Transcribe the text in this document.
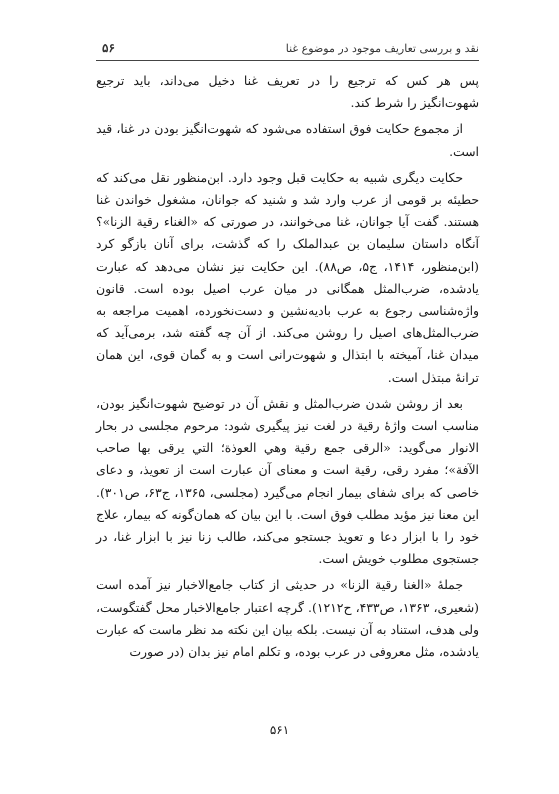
نقد و بررسی تعاریف موجود در موضوع غنا
۵۶

پس هر کس که ترجیع را در تعریف غنا دخیل می‌داند، باید ترجیع شهوت‌انگیز را شرط کند.

از مجموع حکایت فوق استفاده می‌شود که شهوت‌انگیز بودن در غنا، قید است.

حکایت دیگری شبیه به حکایت قبل وجود دارد. ابن‌منظور نقل می‌کند که حطیئه بر قومی از عرب وارد شد و شنید که جوانان، مشغول خواندن غنا هستند. گفت آیا جوانان، غنا می‌خوانند، در صورتی که «الغناء رقیة الزنا»؟ آنگاه داستان سلیمان بن عبدالملک را که گذشت، برای آنان بازگو کرد (ابن‌منظور، ۱۴۱۴، ج۵، ص۸۸). این حکایت نیز نشان می‌دهد که عبارت یادشده، ضرب‌المثل همگانی در میان عرب اصیل بوده است. قانون واژه‌شناسی رجوع به عرب بادیه‌نشین و دست‌نخورده، اهمیت مراجعه به ضرب‌المثل‌های اصیل را روشن می‌کند. از آن چه گفته شد، برمی‌آید که میدان غنا، آمیخته با ابتذال و شهوت‌رانی است و به گمان قوی، این همان ترانهٔ مبتذل است.

بعد از روشن شدن ضرب‌المثل و نقش آن در توضیح شهوت‌انگیز بودن، مناسب است واژهٔ رقیة در لغت نیز پیگیری شود: مرحوم مجلسی در بحار الانوار می‌گوید: «الرقی جمع رقیة وهي العوذة؛ التي يرقی بها صاحب الآفة»؛ مفرد رقی، رقیة است و معنای آن عبارت است از تعویذ، و دعای خاصی که برای شفای بیمار انجام می‌گیرد (مجلسی، ۱۳۶۵، ج۶۳، ص۳۰۱). این معنا نیز مؤید مطلب فوق است. با این بیان که همان‌گونه که بیمار، علاج خود را با ابزار دعا و تعویذ جستجو می‌کند، طالب زنا نیز با ابزار غنا، در جستجوی مطلوب خویش است.

جملهٔ «الغنا رقیة الزنا» در حدیثی از کتاب جامع‌الاخبار نیز آمده است (شعیری، ۱۳۶۳، ص۴۳۳، ح۱۲۱۲). گرچه اعتبار جامع‌الاخبار محل گفتگوست، ولی هدف، استناد به آن نیست. بلکه بیان این نکته مد نظر ماست که عبارت یادشده، مثل معروفی در عرب بوده، و تکلم امام نیز بدان (در صورت

۵۶۱
